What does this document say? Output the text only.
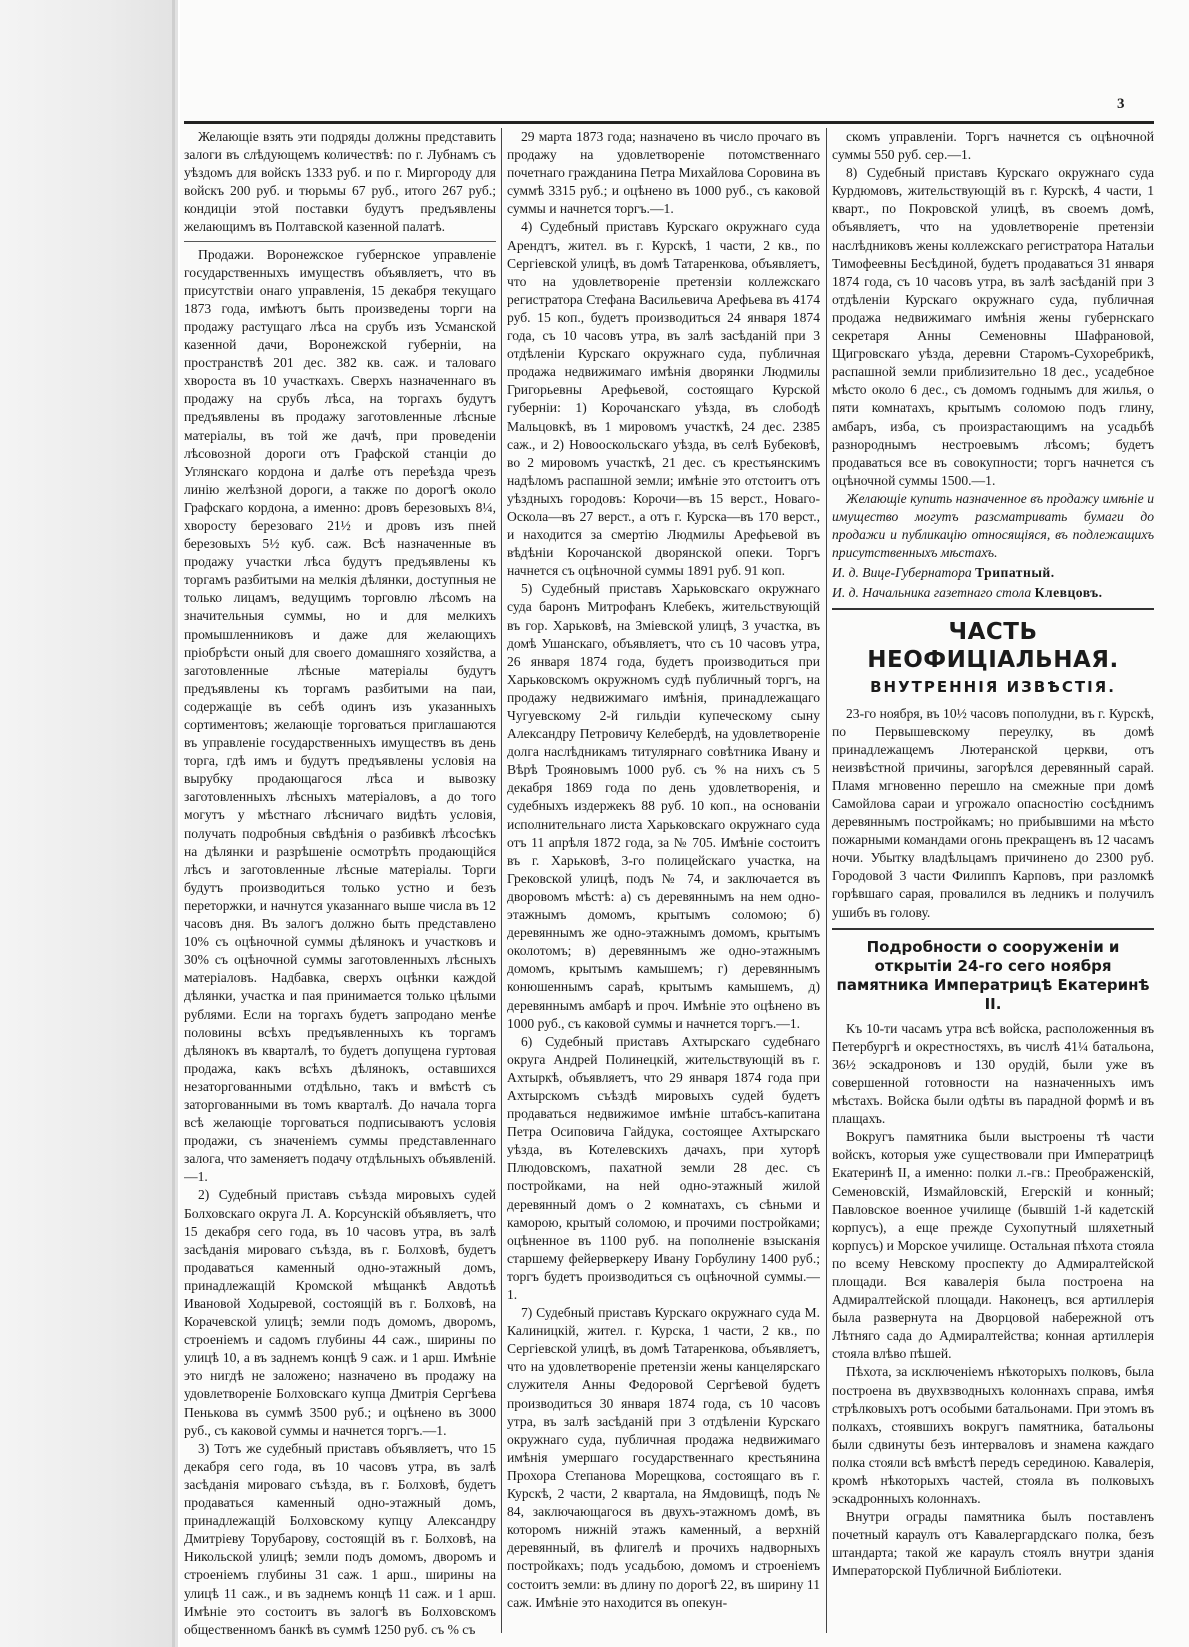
3

Желающіе взять эти подряды должны представить залоги въ слѣдующемъ количествѣ: по г. Лубнамъ съ уѣздомъ для войскъ 1333 руб. и по г. Миргороду для войскъ 200 руб. и тюрьмы 67 руб., итого 267 руб.; кондиціи этой поставки будутъ предъявлены желающимъ въ Полтавской казенной палатѣ.

Продажи. Воронежское губернское управленіе государственныхъ имуществъ объявляетъ, что въ присутствіи онаго управленія, 15 декабря текущаго 1873 года, имѣютъ быть произведены торги на продажу растущаго лѣса на срубъ изъ Усманской казенной дачи, Воронежской губерніи, на пространствѣ 201 дес. 382 кв. саж. и таловаго хвороста въ 10 участкахъ. Сверхъ назначеннаго въ продажу на срубъ лѣса, на торгахъ будутъ предъявлены въ продажу заготовленные лѣсные матеріалы, въ той же дачѣ, при проведеніи лѣсовозной дороги отъ Графской станціи до Углянскаго кордона и далѣе отъ переѣзда чрезъ линію желѣзной дороги, а также по дорогѣ около Графскаго кордона, а именно: дровъ березовыхъ 8¼, хворосту березоваго 21½ и дровъ изъ пней березовыхъ 5½ куб. саж. Всѣ назначенные въ продажу участки лѣса будутъ предъявлены къ торгамъ разбитыми на мелкія дѣлянки, доступныя не только лицамъ, ведущимъ торговлю лѣсомъ на значительныя суммы, но и для мелкихъ промышленниковъ и даже для желающихъ пріобрѣсти оный для своего домашняго хозяйства, а заготовленные лѣсные матеріалы будутъ предъявлены къ торгамъ разбитыми на паи, содержащіе въ себѣ одинъ изъ указанныхъ сортиментовъ; желающіе торговаться приглашаются въ управленіе государственныхъ имуществъ въ день торга, гдѣ имъ и будутъ предъявлены условія на вырубку продающагося лѣса и вывозку заготовленныхъ лѣсныхъ матеріаловъ, а до того могутъ у мѣстнаго лѣсничаго видѣть условія, получать подробныя свѣдѣнія о разбивкѣ лѣсосѣкъ на дѣлянки и разрѣшеніе осмотрѣть продающійся лѣсъ и заготовленные лѣсные матеріалы. Торги будутъ производиться только устно и безъ переторжки, и начнутся указаннаго выше числа въ 12 часовъ дня. Въ залогъ должно быть представлено 10% съ оцѣночной суммы дѣлянокъ и участковъ и 30% съ оцѣночной суммы заготовленныхъ лѣсныхъ матеріаловъ. Надбавка, сверхъ оцѣнки каждой дѣлянки, участка и пая принимается только цѣлыми рублями. Если на торгахъ будетъ запродано менѣе половины всѣхъ предъявленныхъ къ торгамъ дѣлянокъ въ кварталѣ, то будетъ допущена гуртовая продажа, какъ всѣхъ дѣлянокъ, оставшихся незаторгованными отдѣльно, такъ и вмѣстѣ съ заторгованными въ томъ кварталѣ. До начала торга всѣ желающіе торговаться подписываютъ условія продажи, съ значеніемъ суммы представленнаго залога, что заменяетъ подачу отдѣльныхъ объявленій.—1.

2) Судебный приставъ съѣзда мировыхъ судей Болховскаго округа Л. А. Корсунскій объявляетъ, что 15 декабря сего года, въ 10 часовъ утра, въ залѣ засѣданія мироваго съѣзда, въ г. Болховѣ, будетъ продаваться каменный одно-этажный домъ, принадлежащій Кромской мѣщанкѣ Авдотьѣ Ивановой Ходыревой, состоящій въ г. Болховѣ, на Корачевской улицѣ; земли подъ домомъ, дворомъ, строеніемъ и садомъ глубины 44 саж., ширины по улицѣ 10, а въ заднемъ концѣ 9 саж. и 1 арш. Имѣніе это нигдѣ не заложено; назначено въ продажу на удовлетвореніе Болховскаго купца Дмитрія Сергѣева Пенькова въ суммѣ 3500 руб.; и оцѣнено въ 3000 руб., съ каковой суммы и начнется торгъ.—1.

3) Тотъ же судебный приставъ объявляетъ, что 15 декабря сего года, въ 10 часовъ утра, въ залѣ засѣданія мироваго съѣзда, въ г. Болховѣ, будетъ продаваться каменный одно-этажный домъ, принадлежащій Болховскому купцу Александру Дмитріеву Торубарову, состоящій въ г. Болховѣ, на Никольской улицѣ; земли подъ домомъ, дворомъ и строеніемъ глубины 31 саж. 1 арш., ширины на улицѣ 11 саж., и въ заднемъ концѣ 11 саж. и 1 арш. Имѣніе это состоитъ въ залогѣ въ Болховскомъ общественномъ банкѣ въ суммѣ 1250 руб. съ % съ

29 марта 1873 года; назначено въ число прочаго въ продажу на удовлетвореніе потомственнаго почетнаго гражданина Петра Михайлова Соровина въ суммѣ 3315 руб.; и оцѣнено въ 1000 руб., съ каковой суммы и начнется торгъ.—1.

4) Судебный приставъ Курскаго окружнаго суда Арендтъ, жител. въ г. Курскѣ, 1 части, 2 кв., по Сергіевской улицѣ, въ домѣ Татаренкова, объявляетъ, что на удовлетвореніе претензіи коллежскаго регистратора Стефана Васильевича Арефьева въ 4174 руб. 15 коп., будетъ производиться 24 января 1874 года, съ 10 часовъ утра, въ залѣ засѣданій при 3 отдѣленіи Курскаго окружнаго суда, публичная продажа недвижимаго имѣнія дворянки Людмилы Григорьевны Арефьевой, состоящаго Курской губерніи: 1) Корочанскаго уѣзда, въ слободѣ Мальцовкѣ, въ 1 мировомъ участкѣ, 24 дес. 2385 саж., и 2) Новооскольскаго уѣзда, въ селѣ Бубековѣ, во 2 мировомъ участкѣ, 21 дес. съ крестьянскимъ надѣломъ распашной земли; имѣніе это отстоитъ отъ уѣздныхъ городовъ: Корочи—въ 15 верст., Новаго-Оскола—въ 27 верст., а отъ г. Курска—въ 170 верст., и находится за смертію Людмилы Арефьевой въ вѣдѣніи Корочанской дворянской опеки. Торгъ начнется съ оцѣночной суммы 1891 руб. 91 коп.

5) Судебный приставъ Харьковскаго окружнаго суда баронъ Митрофанъ Клебекъ, жительствующій въ гор. Харьковѣ, на Зміевской улицѣ, 3 участка, въ домѣ Ушанскаго, объявляетъ, что съ 10 часовъ утра, 26 января 1874 года, будетъ производиться при Харьковскомъ окружномъ судѣ публичный торгъ, на продажу недвижимаго имѣнія, принадлежащаго Чугуевскому 2-й гильдіи купеческому сыну Александру Петровичу Келебердѣ, на удовлетвореніе долга наслѣдникамъ титулярнаго совѣтника Ивану и Вѣрѣ Трояновымъ 1000 руб. съ % на нихъ съ 5 декабря 1869 года по день удовлетворенія, и судебныхъ издержекъ 88 руб. 10 коп., на основаніи исполнительнаго листа Харьковскаго окружнаго суда отъ 11 апрѣля 1872 года, за № 705. Имѣніе состоитъ въ г. Харьковѣ, 3-го полицейскаго участка, на Грековской улицѣ, подъ № 74, и заключается въ дворовомъ мѣстѣ: а) съ деревяннымъ на нем одно-этажнымъ домомъ, крытымъ соломою; б) деревяннымъ же одно-этажнымъ домомъ, крытымъ околотомъ; в) деревяннымъ же одно-этажнымъ домомъ, крытымъ камышемъ; г) деревяннымъ конюшеннымъ сараѣ, крытымъ камышемъ, д) деревяннымъ амбарѣ и проч. Имѣніе это оцѣнено въ 1000 руб., съ каковой суммы и начнется торгъ.—1.

6) Судебный приставъ Ахтырскаго судебнаго округа Андрей Полинецкій, жительствующій въ г. Ахтыркѣ, объявляетъ, что 29 января 1874 года при Ахтырскомъ съѣздѣ мировыхъ судей будетъ продаваться недвижимое имѣніе штабсъ-капитана Петра Осиповича Гайдука, состоящее Ахтырскаго уѣзда, въ Котелевскихъ дачахъ, при хуторѣ Плюдовскомъ, пахатной земли 28 дес. съ постройками, на ней одно-этажный жилой деревянный домъ о 2 комнатахъ, съ сѣньми и каморою, крытый соломою, и прочими постройками; оцѣненное въ 1100 руб. на пополненіе взысканія старшему фейерверкеру Ивану Горбулину 1400 руб.; торгъ будетъ производиться съ оцѣночной суммы.—1.

7) Судебный приставъ Курскаго окружнаго суда М. Калиницкій, жител. г. Курска, 1 части, 2 кв., по Сергіевской улицѣ, въ домѣ Татаренкова, объявляетъ, что на удовлетвореніе претензіи жены канцелярскаго служителя Анны Федоровой Сергѣевой будетъ производиться 30 января 1874 года, съ 10 часовъ утра, въ залѣ засѣданій при 3 отдѣленіи Курскаго окружнаго суда, публичная продажа недвижимаго имѣнія умершаго государственнаго крестьянина Прохора Степанова Морещкова, состоящаго въ г. Курскѣ, 2 части, 2 квартала, на Ямдовищѣ, подъ № 84, заключающагося въ двухъ-этажномъ домѣ, въ которомъ нижній этажъ каменный, а верхній деревянный, въ флигелѣ и прочихъ надворныхъ постройкахъ; подъ усадьбою, домомъ и строеніемъ состоитъ земли: въ длину по дорогѣ 22, въ ширину 11 саж. Имѣніе это находится въ опекун-

скомъ управленіи. Торгъ начнется съ оцѣночной суммы 550 руб. сер.—1.

8) Судебный приставъ Курскаго окружнаго суда Курдюмовъ, жительствующій въ г. Курскѣ, 4 части, 1 кварт., по Покровской улицѣ, въ своемъ домѣ, объявляетъ, что на удовлетвореніе претензіи наслѣдниковъ жены коллежскаго регистратора Натальи Тимофеевны Бесѣдиной, будетъ продаваться 31 января 1874 года, съ 10 часовъ утра, въ залѣ засѣданій при 3 отдѣленіи Курскаго окружнаго суда, публичная продажа недвижимаго имѣнія жены губернскаго секретаря Анны Семеновны Шафрановой, Щигровскаго уѣзда, деревни Старомъ-Сухоребрикѣ, распашной земли приблизительно 18 дес., усадебное мѣсто около 6 дес., съ домомъ годнымъ для жилья, о пяти комнатахъ, крытымъ соломою подъ глину, амбаръ, изба, съ произрастающимъ на усадьбѣ разнороднымъ нестроевымъ лѣсомъ; будетъ продаваться все въ совокупности; торгъ начнется съ оцѣночной суммы 1500.—1.

Желающіе купить назначенное въ продажу имѣніе и имущество могутъ разсматривать бумаги до продажи и публикацію относящіяся, въ подлежащихъ присутственныхъ мѣстахъ.

И. д. Вице-Губернатора Трипатный.

И. д. Начальника газетнаго стола Клевцовъ.

ЧАСТЬ НЕОФИЦІАЛЬНАЯ.
ВНУТРЕННІЯ ИЗВѢСТІЯ.

23-го ноября, въ 10½ часовъ пополудни, въ г. Курскѣ, по Первышевскому переулку, въ домѣ принадлежащемъ Лютеранской церкви, отъ неизвѣстной причины, загорѣлся деревянный сарай. Пламя мгновенно перешло на смежные при домѣ Самойлова сараи и угрожало опасностію сосѣднимъ деревяннымъ постройкамъ; но прибывшими на мѣсто пожарными командами огонь прекращенъ въ 12 часамъ ночи. Убытку владѣльцамъ причинено до 2300 руб. Городовой 3 части Филиппъ Карповъ, при разломкѣ горѣвшаго сарая, провалился въ ледникъ и получилъ ушибъ въ голову.

Подробности о сооруженіи и открытіи 24-го сего ноября памятника Императрицѣ Екатеринѣ II.

Къ 10-ти часамъ утра всѣ войска, расположенныя въ Петербургѣ и окрестностяхъ, въ числѣ 41¼ батальона, 36½ эскадроновъ и 130 орудій, были уже въ совершенной готовности на назначенныхъ имъ мѣстахъ. Войска были одѣты въ парадной формѣ и въ плащахъ.

Вокругъ памятника были выстроены тѣ части войскъ, которыя уже существовали при Императрицѣ Екатеринѣ II, а именно: полки л.-гв.: Преображенскій, Семеновскій, Измайловскій, Егерскій и конный; Павловское военное училище (бывшій 1-й кадетскій корпусъ), а еще прежде Сухопутный шляхетный корпусъ) и Морское училище. Остальная пѣхота стояла по всему Невскому проспекту до Адмиралтейской площади. Вся кавалерія была построена на Адмиралтейской площади. Наконецъ, вся артиллерія была развернута на Дворцовой набережной отъ Лѣтняго сада до Адмиралтейства; конная артиллерія стояла влѣво пѣшей.

Пѣхота, за исключеніемъ нѣкоторыхъ полковъ, была построена въ двухвзводныхъ колоннахъ справа, имѣя стрѣлковыхъ ротъ особыми батальонами. При этомъ въ полкахъ, стоявшихъ вокругъ памятника, батальоны были сдвинуты безъ интерваловъ и знамена каждаго полка стояли всѣ вмѣстѣ передъ серединою. Кавалерія, кромѣ нѣкоторыхъ частей, стояла въ полковыхъ эскадронныхъ колоннахъ.

Внутри ограды памятника былъ поставленъ почетный караулъ отъ Кавалергардскаго полка, безъ штандарта; такой же караулъ стоялъ внутри зданія Императорской Публичной Библіотеки.
